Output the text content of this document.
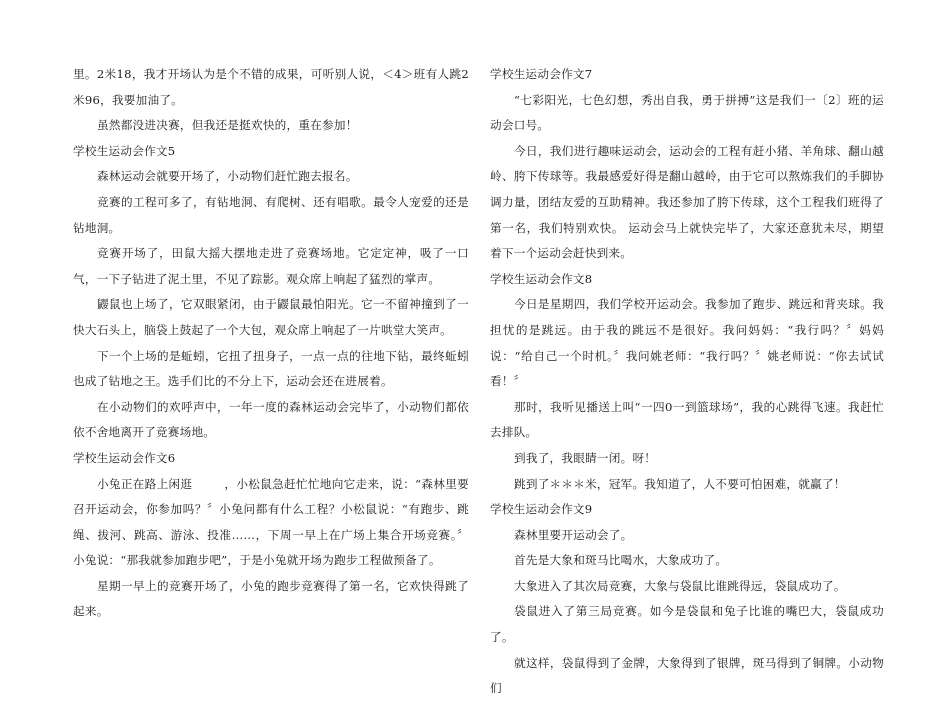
里。2米18，我才开场认为是个不错的成果，可听别人说，＜4＞班有人跳2米96，我要加油了。

虽然都没进决赛，但我还是挺欢快的，重在参加！

学校生运动会作文5

森林运动会就要开场了，小动物们赶忙跑去报名。

竞赛的工程可多了，有钻地洞、有爬树、还有唱歌。最令人宠爱的还是钻地洞。

竞赛开场了，田鼠大摇大摆地走进了竞赛场地。它定定神，吸了一口气，一下子钻进了泥土里，不见了踪影。观众席上响起了猛烈的掌声。

鼹鼠也上场了，它双眼紧闭，由于鼹鼠最怕阳光。它一不留神撞到了一快大石头上，脑袋上鼓起了一个大包，观众席上响起了一片哄堂大笑声。

下一个上场的是蚯蚓，它扭了扭身子，一点一点的往地下钻，最终蚯蚓也成了钻地之王。选手们比的不分上下，运动会还在进展着。

在小动物们的欢呼声中，一年一度的森林运动会完毕了，小动物们都依依不舍地离开了竞赛场地。

学校生运动会作文6

小兔正在路上闲逛	，小松鼠急赶忙忙地向它走来，说：“森林里要召开运动会，你参加吗？〞小兔问都有什么工程？小松鼠说：“有跑步、跳绳、拔河、跳高、游泳、投准……，下周一早上在广场上集合开场竞赛。〞小兔说：“那我就参加跑步吧”，于是小兔就开场为跑步工程做预备了。

星期一早上的竞赛开场了，小兔的跑步竞赛得了第一名，它欢快得跳了起来。

学校生运动会作文7

“七彩阳光，七色幻想，秀出自我，勇于拼搏”这是我们一〔2〕班的运动会口号。

今日，我们进行趣味运动会，运动会的工程有赶小猪、羊角球、翻山越岭、胯下传球等。我最感爱好得是翻山越岭，由于它可以熬炼我们的手脚协调力量，团结友爱的互助精神。我还参加了胯下传球，这个工程我们班得了第一名，我们特别欢快。 运动会马上就快完毕了，大家还意犹未尽，期望着下一个运动会赶快到来。

学校生运动会作文8

今日是星期四，我们学校开运动会。我参加了跑步、跳远和背夹球。我担忧的是跳远。由于我的跳远不是很好。我问妈妈：“我行吗？〞妈妈说：“给自己一个时机。〞我问姚老师：“我行吗？〞姚老师说：“你去试试看！〞

那时，我听见播送上叫“一四0一到篮球场”，我的心跳得飞速。我赶忙去排队。

到我了，我眼睛一闭。呀！

跳到了＊＊＊米，冠军。我知道了，人不要可怕困难，就赢了！

学校生运动会作文9

森林里要开运动会了。

首先是大象和斑马比喝水，大象成功了。

大象进入了其次局竞赛，大象与袋鼠比谁跳得远，袋鼠成功了。

袋鼠进入了第三局竞赛。如今是袋鼠和兔子比谁的嘴巴大，袋鼠成功了。

就这样，袋鼠得到了金牌，大象得到了银牌，斑马得到了铜牌。小动物们
